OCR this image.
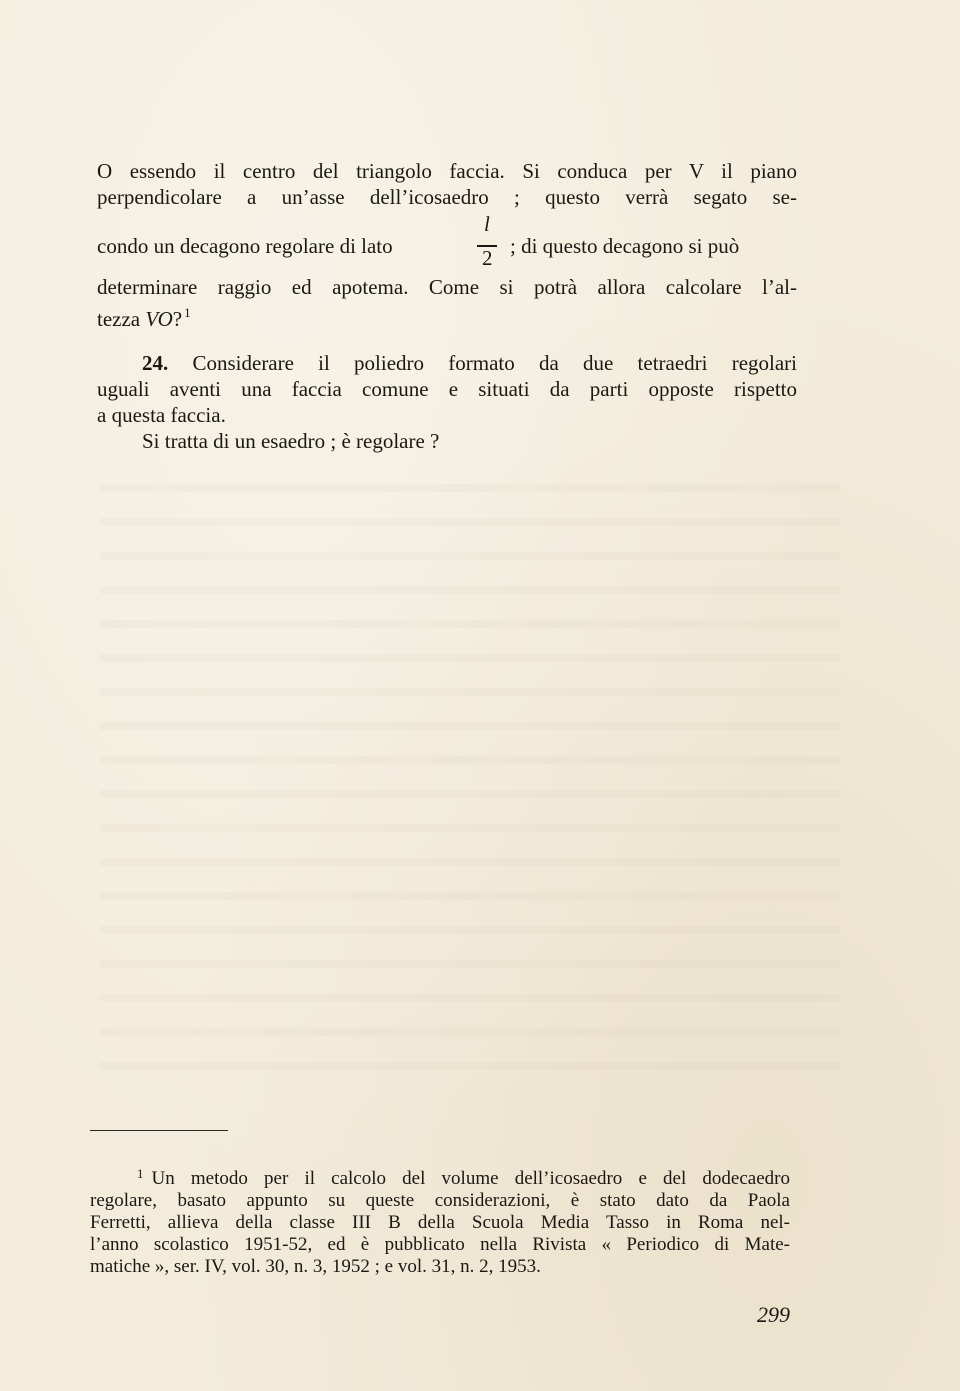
O essendo il centro del triangolo faccia. Si conduca per V il piano
perpendicolare a un’asse dell’icosaedro ; questo verrà segato se-
condo un decagono regolare di lato
l
2 ; di questo decagono si può
determinare raggio ed apotema. Come si potrà allora calcolare l’al-
tezza VO? $^1$
24. Considerare il poliedro formato da due tetraedri regolari
uguali aventi una faccia comune e situati da parti opposte rispetto
a questa faccia.
Si tratta di un esaedro ; è regolare ?
$^1$ Un metodo per il calcolo del volume dell’icosaedro e del dodecaedro
regolare, basato appunto su queste considerazioni, è stato dato da Paola
Ferretti, allieva della classe III B della Scuola Media Tasso in Roma nel-
l’anno scolastico 1951-52, ed è pubblicato nella Rivista « Periodico di Mate-
matiche », ser. IV, vol. 30, n. 3, 1952 ; e vol. 31, n. 2, 1953.
299
